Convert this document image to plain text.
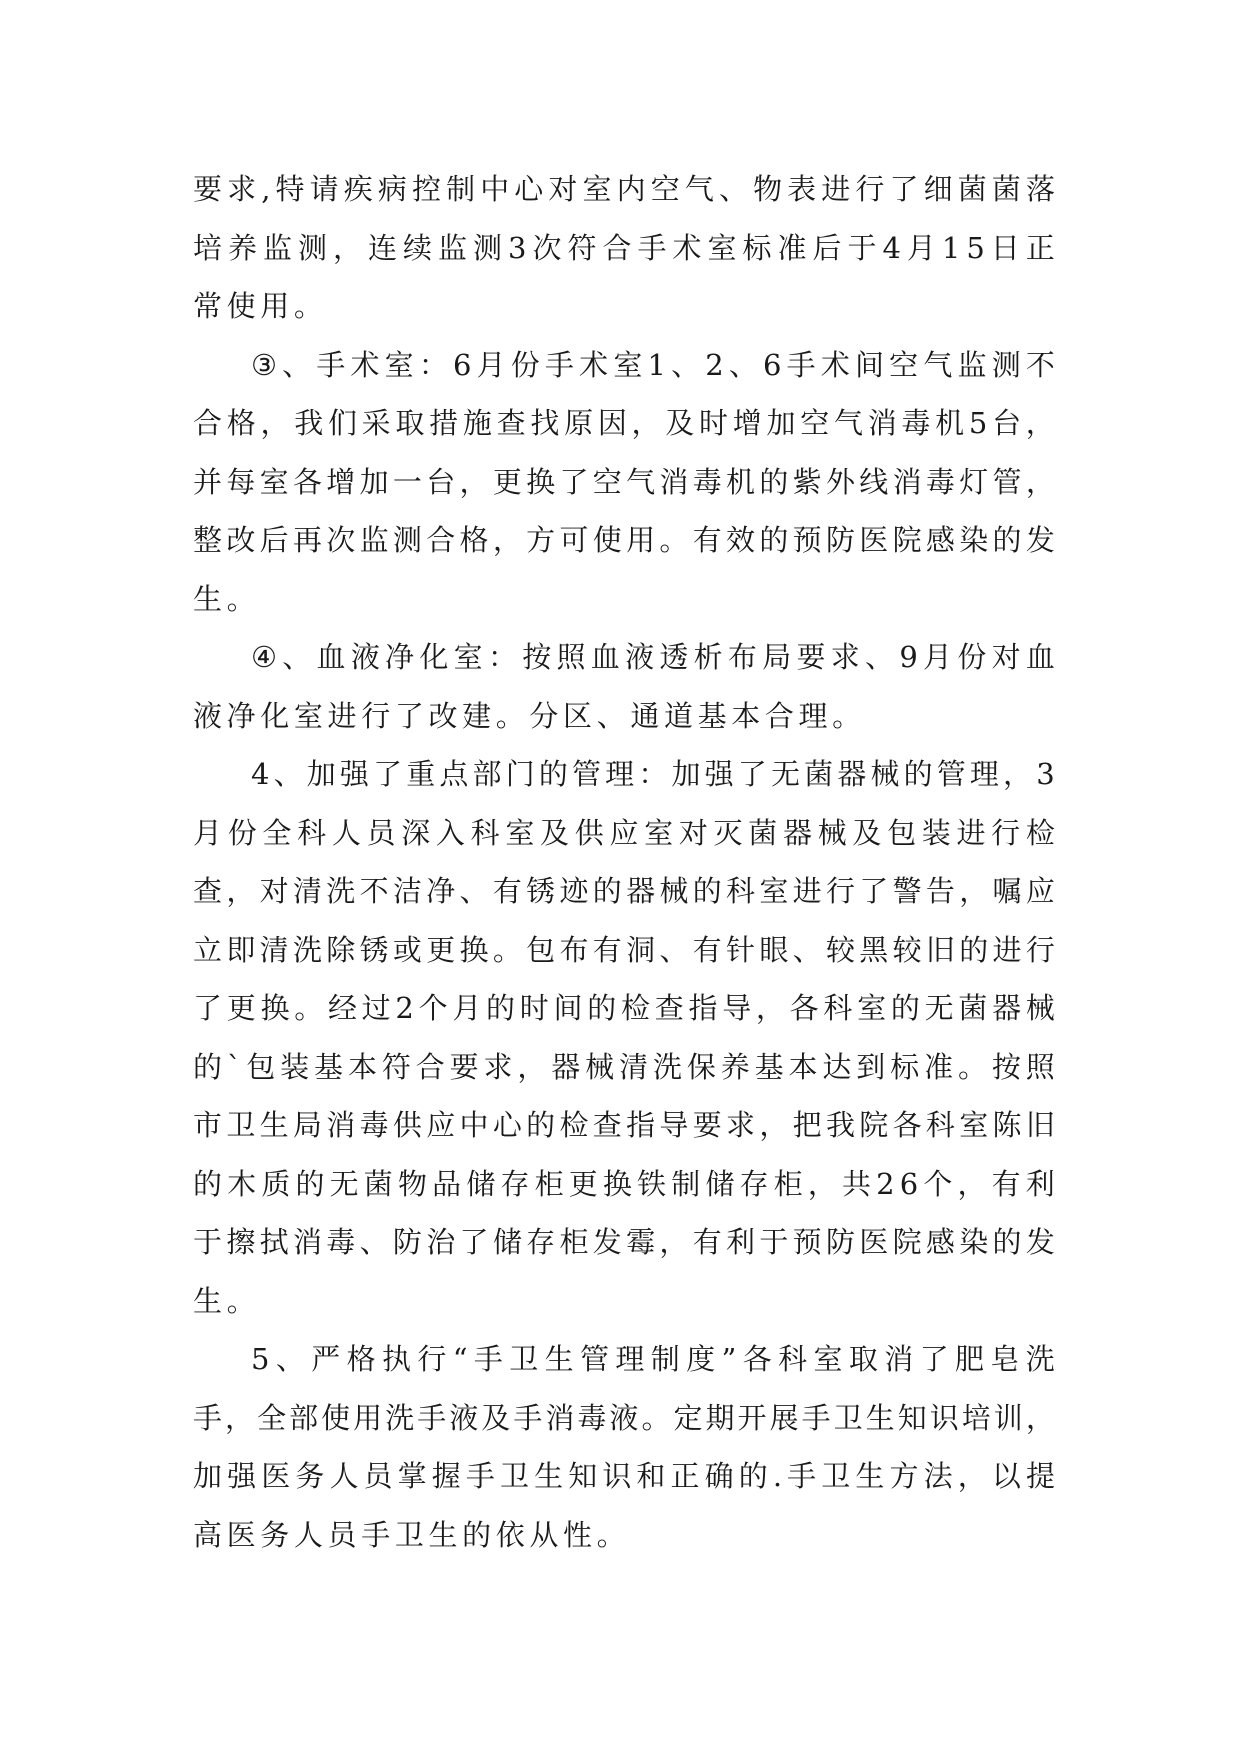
要 求 , 特 请 疾 病 控 制 中 心 对 室 内 空 气 、 物 表 进 行 了 细 菌 菌 落
培 养 监 测 ， 连 续 监 测 3 次 符 合 手 术 室 标 准 后 于 4 月 1 5 日 正
常使用。
③ 、 手 术 室 ： 6 月 份 手 术 室 1 、 2 、 6 手 术 间 空 气 监 测 不
合 格 ， 我 们 采 取 措 施 查 找 原 因 ， 及 时 增 加 空 气 消 毒 机 5 台 ，
并 每 室 各 增 加 一 台 ， 更 换 了 空 气 消 毒 机 的 紫 外 线 消 毒 灯 管 ，
整 改 后 再 次 监 测 合 格 ， 方 可 使 用 。 有 效 的 预 防 医 院 感 染 的 发
生。
④ 、 血 液 净 化 室 ： 按 照 血 液 透 析 布 局 要 求 、 9 月 份 对 血
液净化室进行了改建。分区、通道基本合理。
4 、 加 强 了 重 点 部 门 的 管 理 ： 加 强 了 无 菌 器 械 的 管 理 ， 3
月 份 全 科 人 员 深 入 科 室 及 供 应 室 对 灭 菌 器 械 及 包 装 进 行 检
查 ， 对 清 洗 不 洁 净 、 有 锈 迹 的 器 械 的 科 室 进 行 了 警 告 ， 嘱 应
立 即 清 洗 除 锈 或 更 换 。 包 布 有 洞 、 有 针 眼 、 较 黑 较 旧 的 进 行
了 更 换 。 经 过 2 个 月 的 时 间 的 检 查 指 导 ， 各 科 室 的 无 菌 器 械
的 ` 包 装 基 本 符 合 要 求 ， 器 械 清 洗 保 养 基 本 达 到 标 准 。 按 照
市 卫 生 局 消 毒 供 应 中 心 的 检 查 指 导 要 求 ， 把 我 院 各 科 室 陈 旧
的 木 质 的 无 菌 物 品 储 存 柜 更 换 铁 制 储 存 柜 ， 共 2 6 个 ， 有 利
于 擦 拭 消 毒 、 防 治 了 储 存 柜 发 霉 ， 有 利 于 预 防 医 院 感 染 的 发
生。
5 、 严 格 执 行 “ 手 卫 生 管 理 制 度 ” 各 科 室 取 消 了 肥 皂 洗
手 ， 全 部 使 用 洗 手 液 及 手 消 毒 液 。 定 期 开 展 手 卫 生 知 识 培 训 ，
加 强 医 务 人 员 掌 握 手 卫 生 知 识 和 正 确 的 . 手 卫 生 方 法 ， 以 提
高医务人员手卫生的依从性。
